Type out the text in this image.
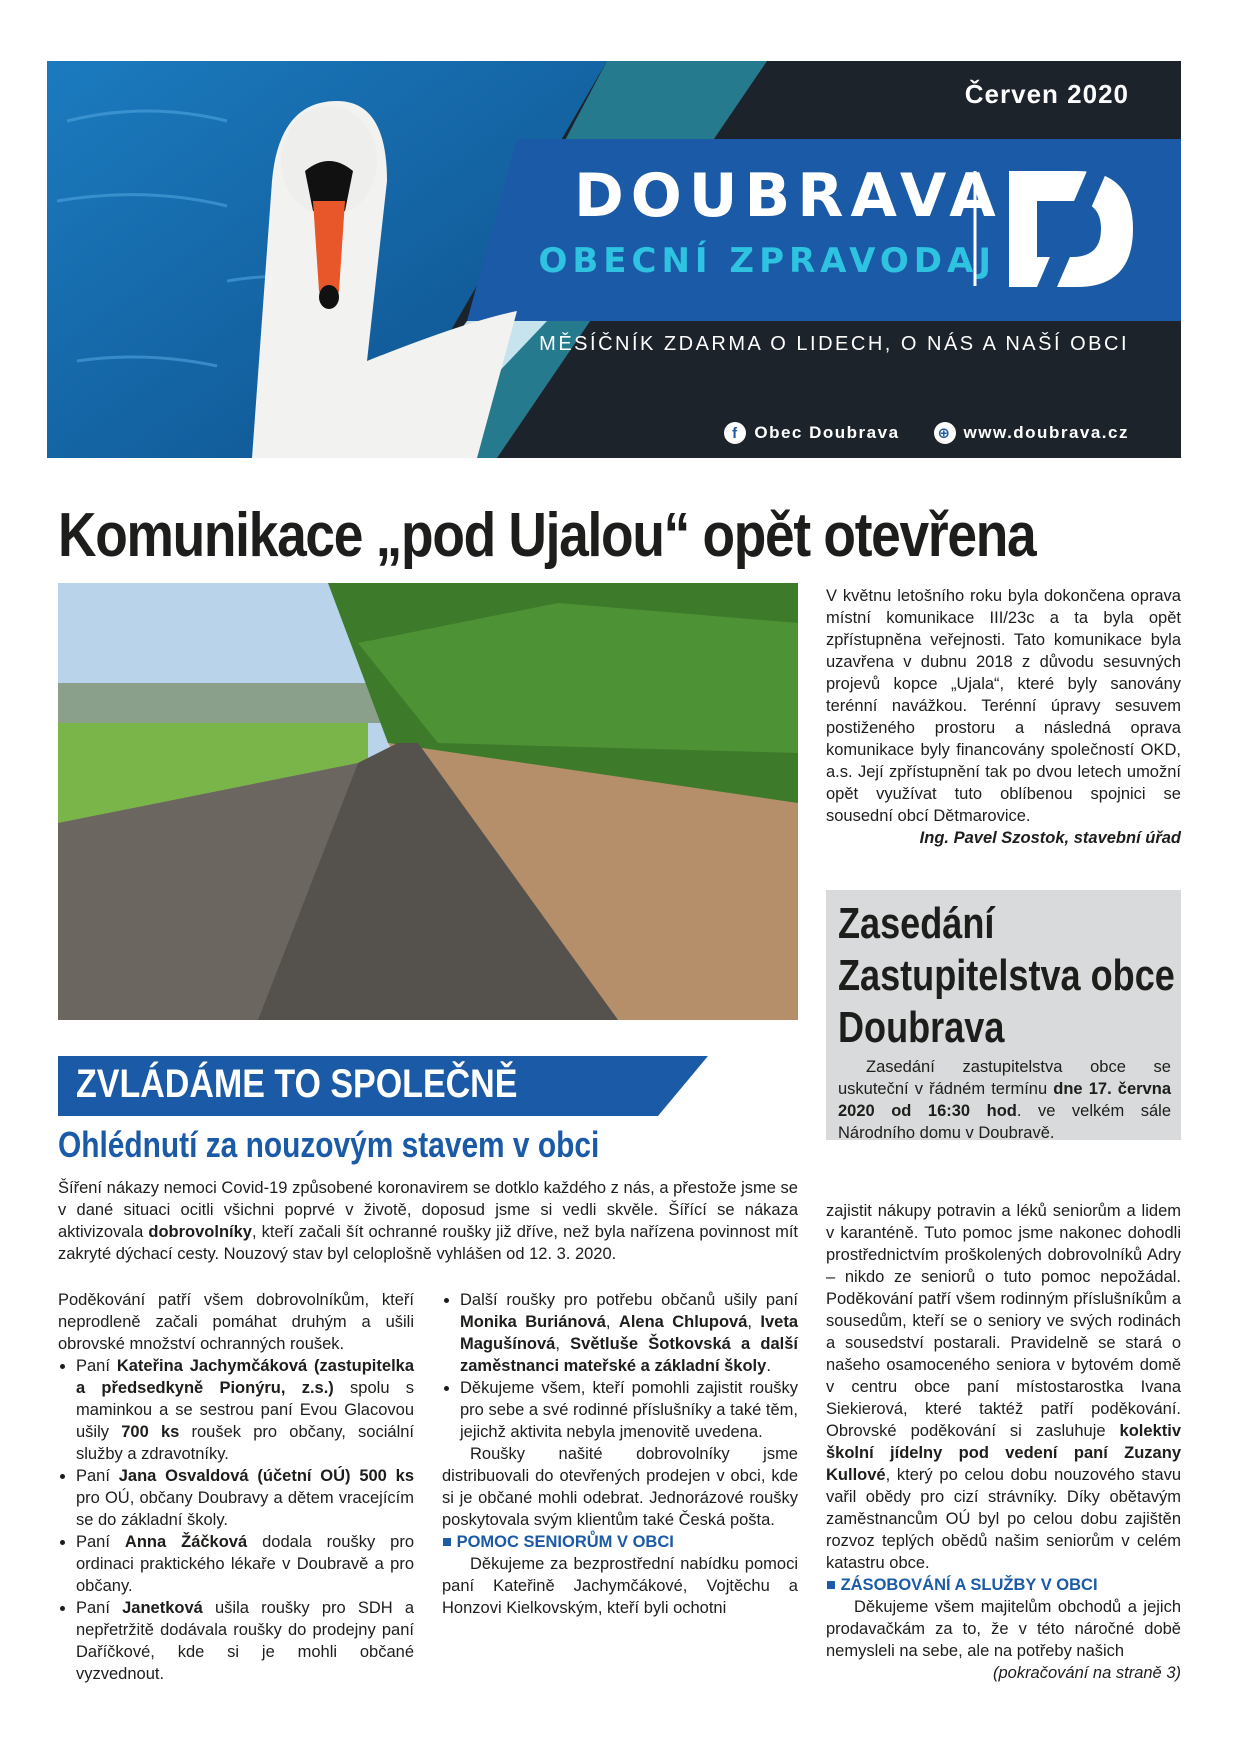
Červen 2020
DOUBRAVA
OBECNÍ ZPRAVODAJ
MĚSÍČNÍK ZDARMA O LIDECH, O NÁS A NAŠÍ OBCI
f Obec Doubrava	⊕ www.doubrava.cz
Komunikace „pod Ujalou“ opět otevřena

V květnu letošního roku byla dokončena oprava místní komunikace III/23c a ta byla opět zpřístupněna veřejnosti. Tato komunikace byla uzavřena v dubnu 2018 z důvodu sesuvných projevů kopce „Ujala“, které byly sanovány terénní navážkou. Terénní úpravy sesuvem postiženého prostoru a následná oprava komunikace byly financovány společností OKD, a.s. Její zpřístupnění tak po dvou letech umožní opět využívat tuto oblíbenou spojnici se sousední obcí Dětmarovice.

Ing. Pavel Szostok, stavební úřad

Zasedání Zastupitelstva obce Doubrava

Zasedání zastupitelstva obce se uskuteční v řádném termínu dne 17. června 2020 od 16:30 hod. ve velkém sále Národního domu v Doubravě.

ZVLÁDÁME TO SPOLEČNĚ
Ohlédnutí za nouzovým stavem v obci
Šíření nákazy nemoci Covid-19 způsobené koronavirem se dotklo každého z nás, a přestože jsme se v dané situaci ocitli všichni poprvé v životě, doposud jsme si vedli skvěle. Šířící se nákaza aktivizovala dobrovolníky, kteří začali šít ochranné roušky již dříve, než byla nařízena povinnost mít zakryté dýchací cesty. Nouzový stav byl celoplošně vyhlášen od 12. 3. 2020.

Poděkování patří všem dobrovolníkům, kteří neprodleně začali pomáhat druhým a ušili obrovské množství ochranných roušek.

• Paní Kateřina Jachymčáková (zastupitelka a předsedkyně Pionýru, z.s.) spolu s maminkou a se sestrou paní Evou Glacovou ušily 700 ks roušek pro občany, sociální služby a zdravotníky.
• Paní Jana Osvaldová (účetní OÚ) 500 ks pro OÚ, občany Doubravy a dětem vracejícím se do základní školy.
• Paní Anna Žáčková dodala roušky pro ordinaci praktického lékaře v Doubravě a pro občany.
• Paní Janetková ušila roušky pro SDH a nepřetržitě dodávala roušky do prodejny paní Daříčkové, kde si je mohli občané vyzvednout.
• Další roušky pro potřebu občanů ušily paní Monika Buriánová, Alena Chlupová, Iveta Magušínová, Světluše Šotkovská a další zaměstnanci mateřské a základní školy.
• Děkujeme všem, kteří pomohli zajistit roušky pro sebe a své rodinné příslušníky a také těm, jejichž aktivita nebyla jmenovitě uvedena.

Roušky našité dobrovolníky jsme distribuovali do otevřených prodejen v obci, kde si je občané mohli odebrat. Jednorázové roušky poskytovala svým klientům také Česká pošta.

■ POMOC SENIORŮM V OBCI

Děkujeme za bezprostřední nabídku pomoci paní Kateřině Jachymčákové, Vojtěchu a Honzovi Kielkovským, kteří byli ochotni

zajistit nákupy potravin a léků seniorům a lidem v karanténě. Tuto pomoc jsme nakonec dohodli prostřednictvím proškolených dobrovolníků Adry – nikdo ze seniorů o tuto pomoc nepožádal. Poděkování patří všem rodinným příslušníkům a sousedům, kteří se o seniory ve svých rodinách a sousedství postarali. Pravidelně se stará o našeho osamoceného seniora v bytovém domě v centru obce paní místostarostka Ivana Siekierová, které taktéž patří poděkování. Obrovské poděkování si zasluhuje kolektiv školní jídelny pod vedení paní Zuzany Kullové, který po celou dobu nouzového stavu vařil obědy pro cizí strávníky. Díky obětavým zaměstnancům OÚ byl po celou dobu zajištěn rozvoz teplých obědů našim seniorům v celém katastru obce.

■ ZÁSOBOVÁNÍ A SLUŽBY V OBCI

Děkujeme všem majitelům obchodů a jejich prodavačkám za to, že v této náročné době nemysleli na sebe, ale na potřeby našich

(pokračování na straně 3)
